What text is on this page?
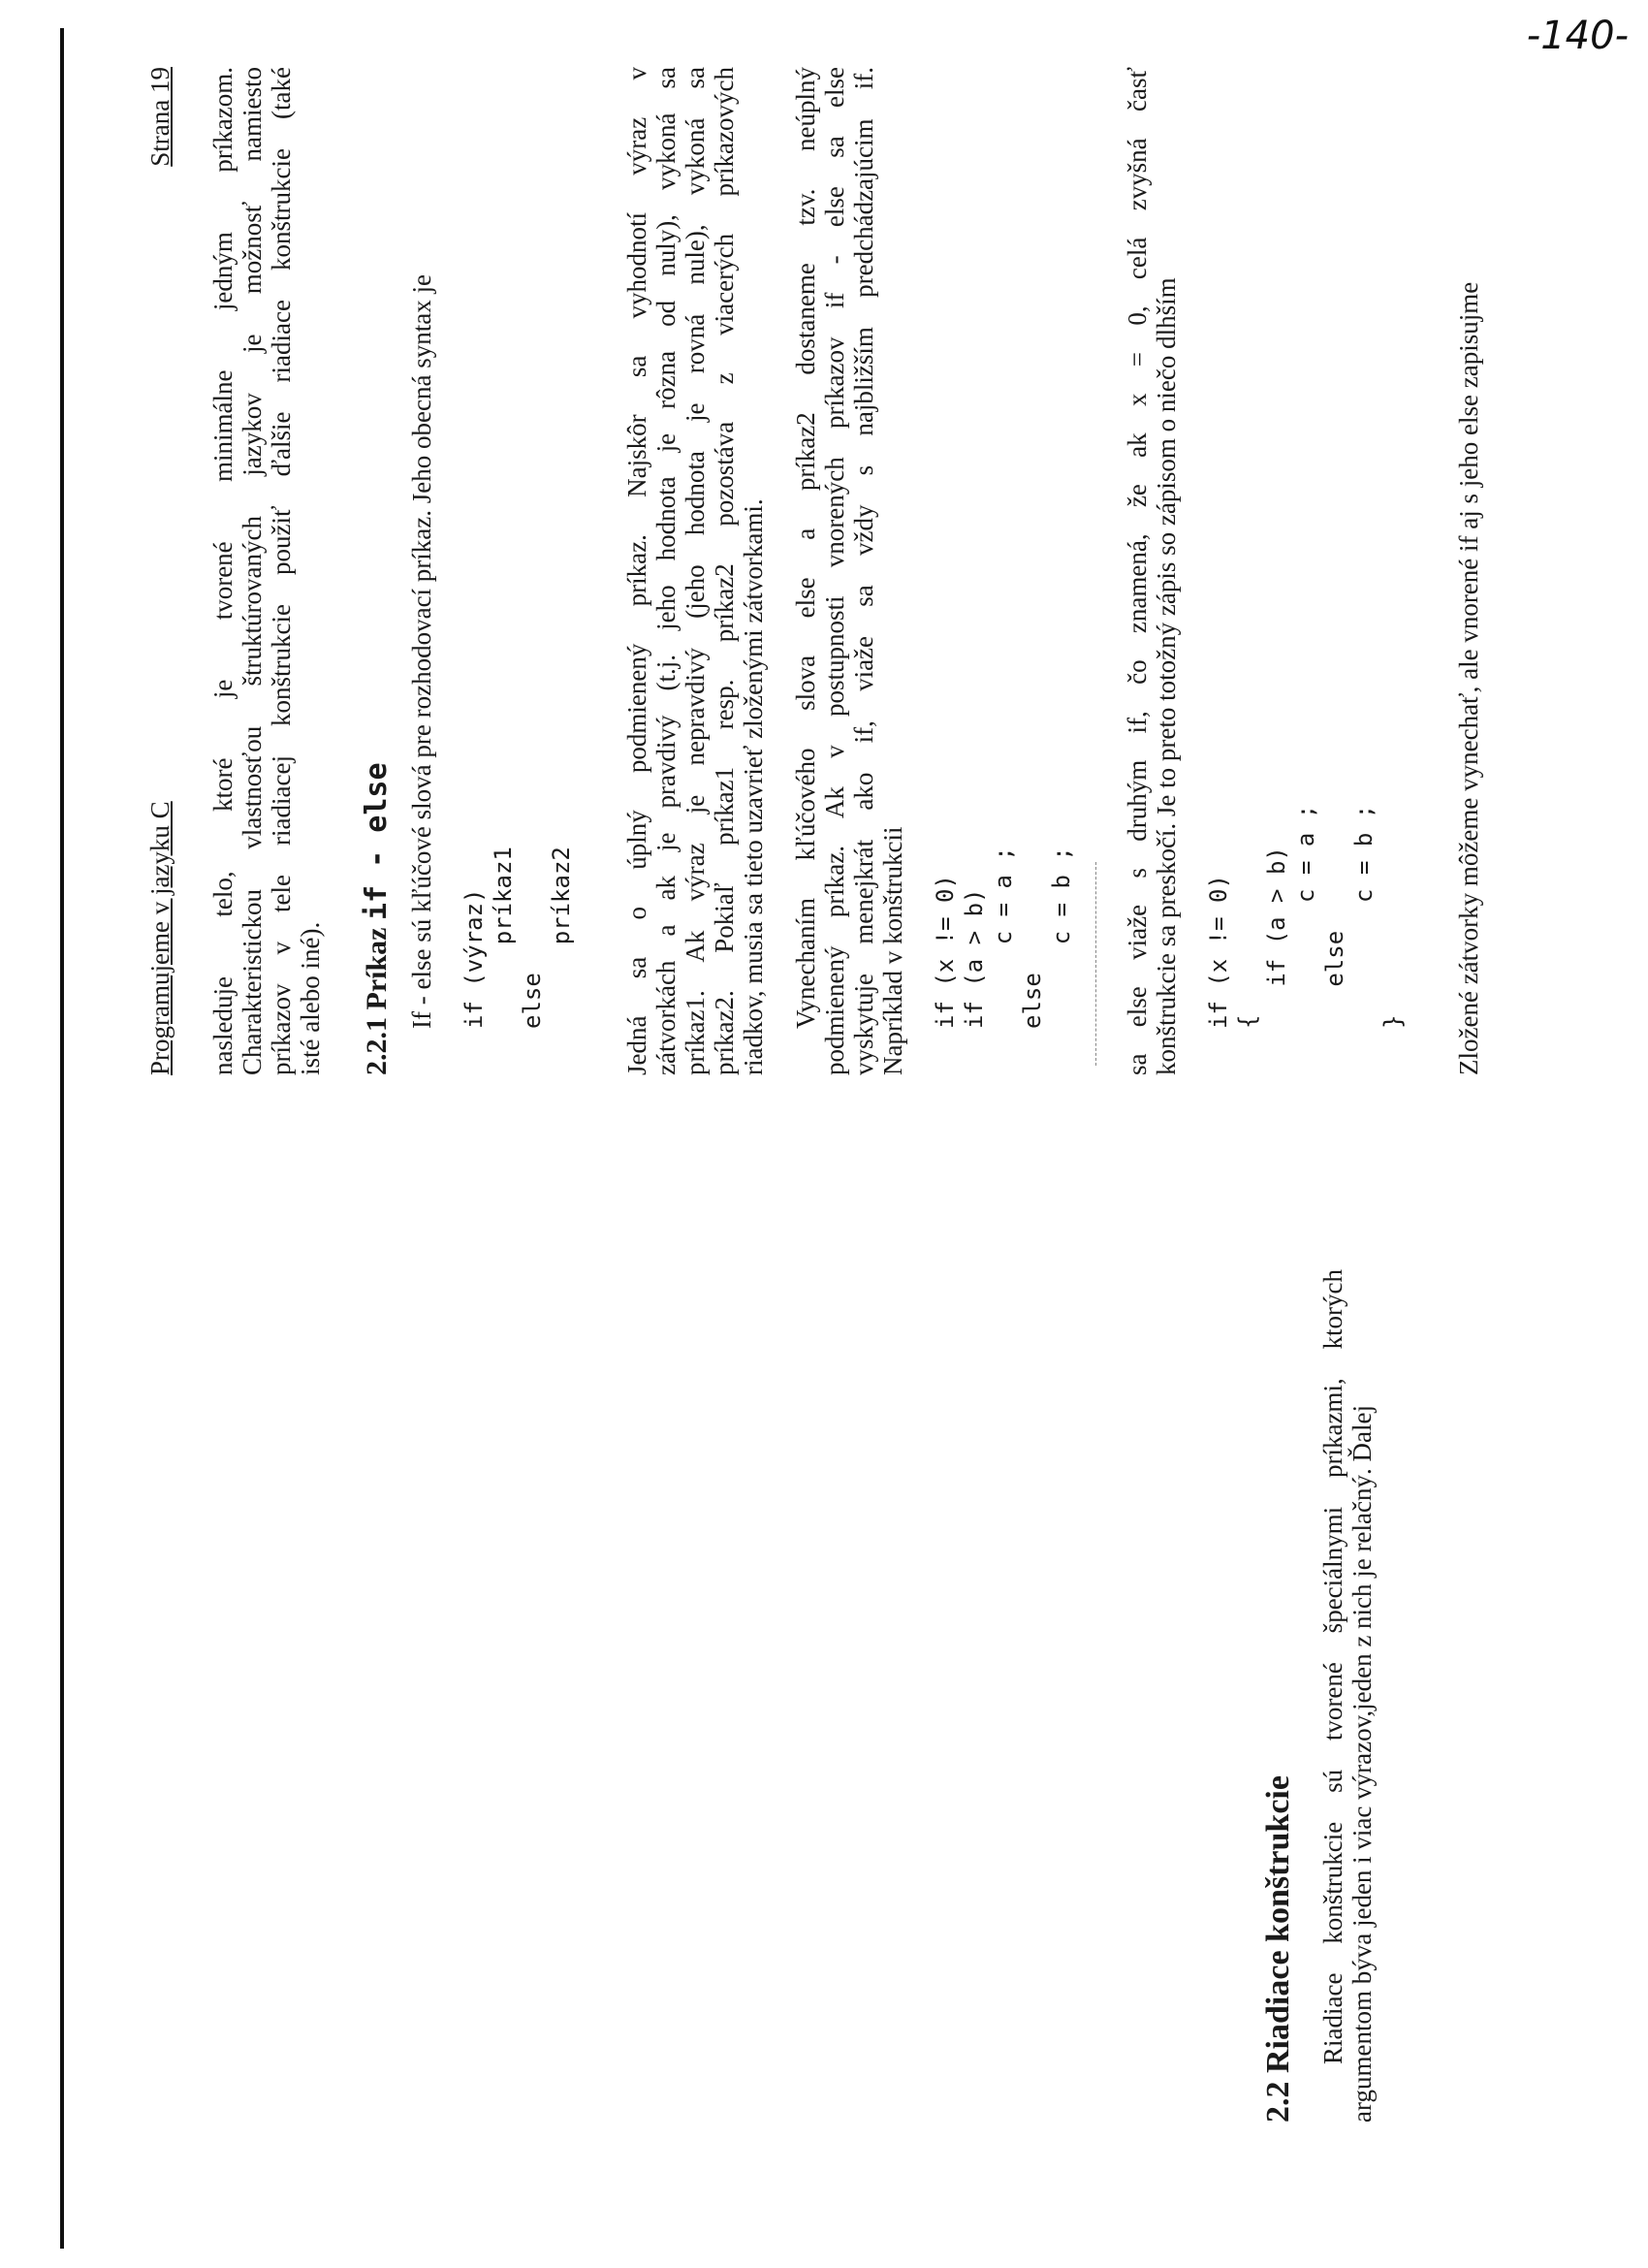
-140-
2.2 Riadiace konštrukcie Riadiace konštrukcie sú tvorené špeciálnymi príkazmi, ktorých argumentom býva jeden i viac výrazov,jeden z nich je relačný. Ďalej
Programujeme v jazyku C
Strana 19 nasleduje telo, ktoré je tvorené minimálne jedným príkazom. Charakteristickou vlastnosťou štruktúrovaných jazykov je možnosť namiesto príkazov v tele riadiacej konštrukcie použiť ďalšie riadiace konštrukcie (také isté alebo iné). 2.2.1 Príkaz if - else If - else sú kľúčové slová pre rozhodovací príkaz. Jeho obecná syntax je if (výraz) príkaz1 else príkaz2 Jedná sa o úplný podmienený príkaz. Najskôr sa vyhodnotí výraz v zátvorkách a ak je pravdivý (t.j. jeho hodnota je rôzna od nuly), vykoná sa príkaz1. Ak výraz je nepravdivý (jeho hodnota je rovná nule), vykoná sa príkaz2. Pokiaľ príkaz1 resp. príkaz2 pozostáva z viacerých príkazových riadkov, musia sa tieto uzavrieť zloženými zátvorkami. Vynechaním kľúčového slova else a príkaz2 dostaneme tzv. neúplný podmienený príkaz. Ak v postupnosti vnorených príkazov if - else sa else vyskytuje menejkrát ako if, viaže sa vždy s najbližším predchádzajúcim if. Napríklad v konštrukcii if (x != 0) if (a > b) c = a ; else c = b ; sa else viaže s druhým if, čo znamená, že ak x = 0, celá zvyšná časť konštrukcie sa preskočí. Je to preto totožný zápis so zápisom o niečo dlhším if (x != 0) { if (a > b) c = a ; else c = b ; } Zložené zátvorky môžeme vynechať, ale vnorené if aj s jeho else zapisujme
